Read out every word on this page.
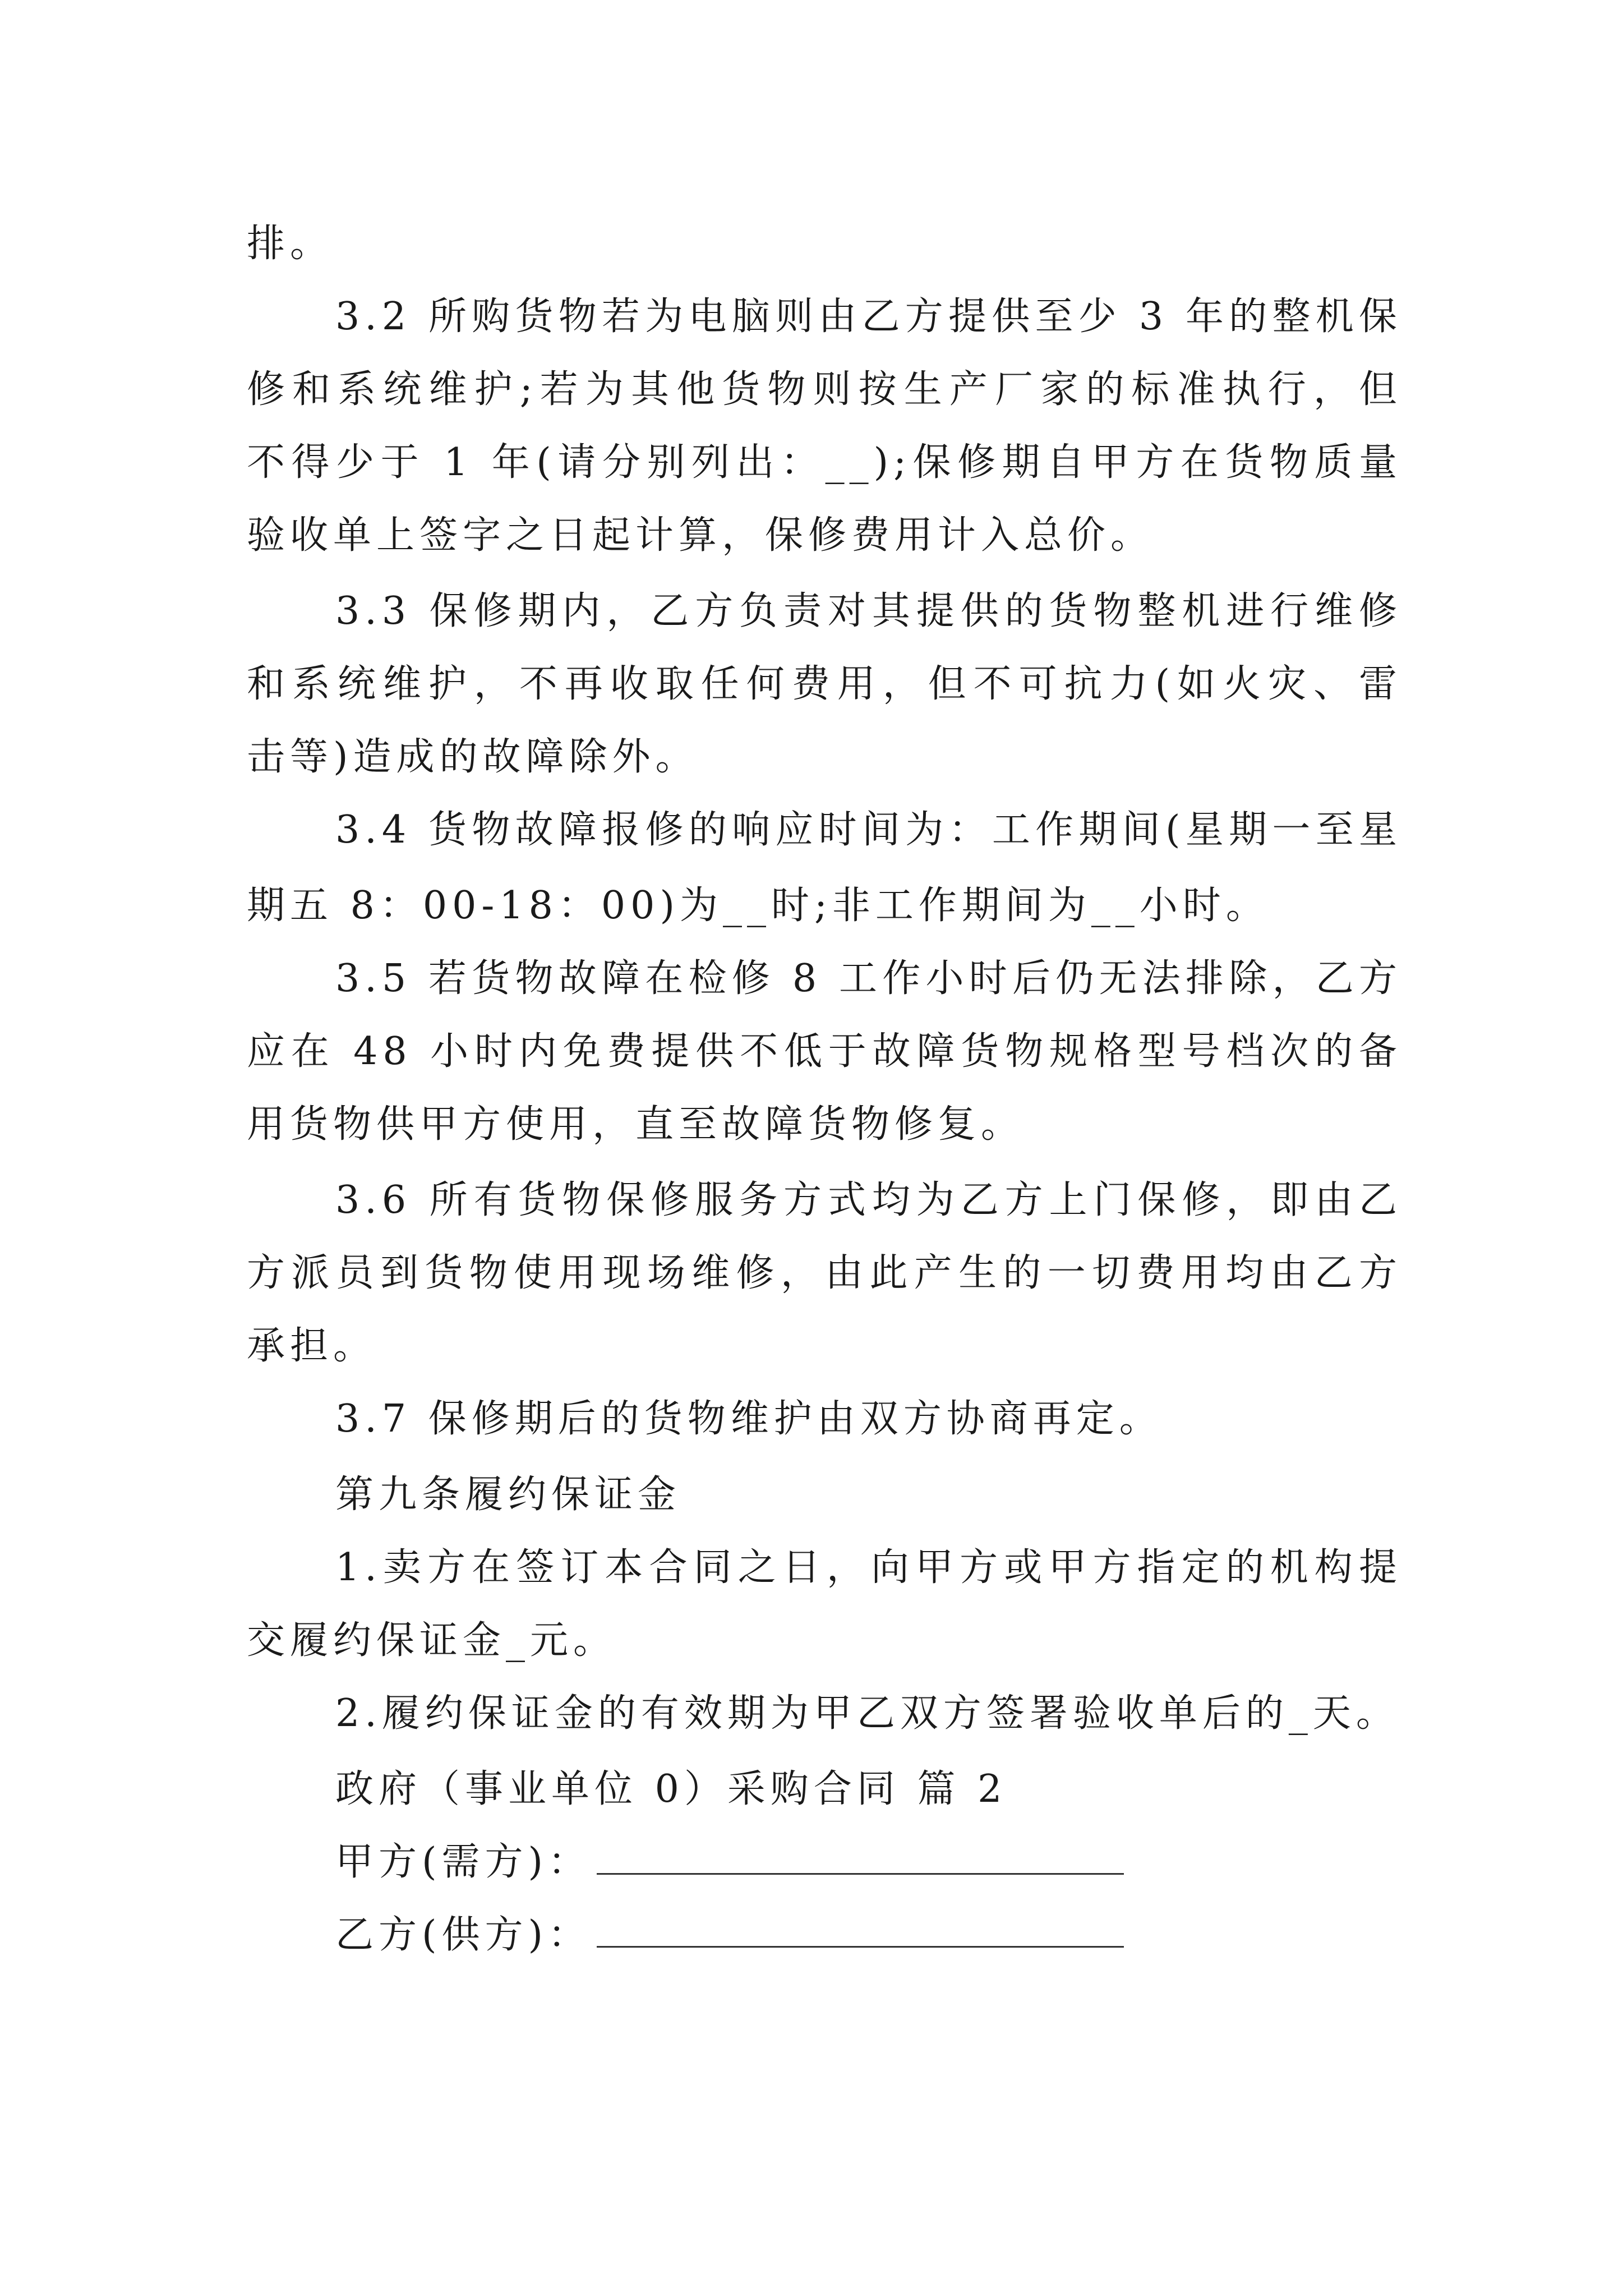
排。
3.2 所购货物若为电脑则由乙方提供至少 3 年的整机保
修和系统维护;若为其他货物则按生产厂家的标准执行，但
不得少于 1 年(请分别列出：__);保修期自甲方在货物质量
验收单上签字之日起计算，保修费用计入总价。
3.3 保修期内，乙方负责对其提供的货物整机进行维修
和系统维护，不再收取任何费用，但不可抗力(如火灾、雷
击等)造成的故障除外。
3.4 货物故障报修的响应时间为：工作期间(星期一至星
期五 8：00-18：00)为__时;非工作期间为__小时。
3.5 若货物故障在检修 8 工作小时后仍无法排除，乙方
应在 48 小时内免费提供不低于故障货物规格型号档次的备
用货物供甲方使用，直至故障货物修复。
3.6 所有货物保修服务方式均为乙方上门保修，即由乙
方派员到货物使用现场维修，由此产生的一切费用均由乙方
承担。
3.7 保修期后的货物维护由双方协商再定。
第九条履约保证金
1.卖方在签订本合同之日，向甲方或甲方指定的机构提
交履约保证金_元。
2.履约保证金的有效期为甲乙双方签署验收单后的_天。
政府（事业单位 0）采购合同 篇 2
甲方(需方)：
乙方(供方)：
